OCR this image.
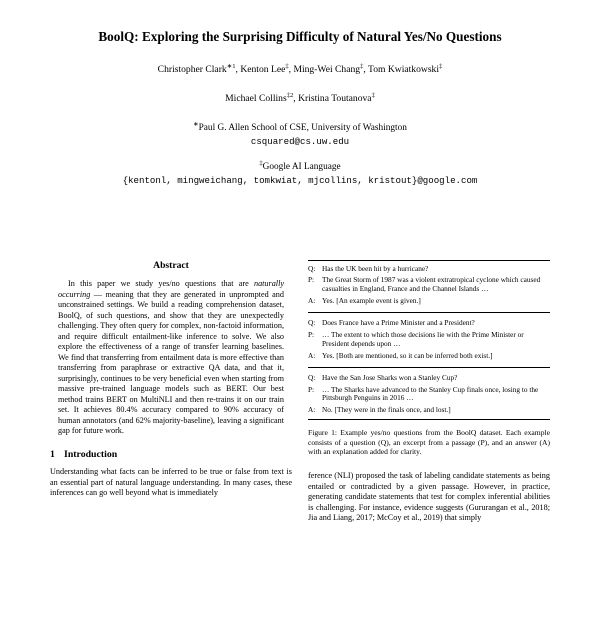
BoolQ: Exploring the Surprising Difficulty of Natural Yes/No Questions
Christopher Clark$^{∗1}$, Kenton Lee‡, Ming-Wei Chang‡, Tom Kwiatkowski‡
Michael Collins$^{\ddagger 2}$, Kristina Toutanova‡
∗Paul G. Allen School of CSE, University of Washington
csquared@cs.uw.edu
‡Google AI Language
{kentonl, mingweichang, tomkwiat, mjcollins, kristout}@google.com
Abstract

In this paper we study yes/no questions that are naturally occurring — meaning that they are generated in unprompted and unconstrained settings. We build a reading comprehension dataset, BoolQ, of such questions, and show that they are unexpectedly challenging. They often query for complex, non-factoid information, and require difficult entailment-like inference to solve. We also explore the effectiveness of a range of transfer learning baselines. We find that transferring from entailment data is more effective than transferring from paraphrase or extractive QA data, and that it, surprisingly, continues to be very beneficial even when starting from massive pre-trained language models such as BERT. Our best method trains BERT on MultiNLI and then re-trains it on our train set. It achieves 80.4% accuracy compared to 90% accuracy of human annotators (and 62% majority-baseline), leaving a significant gap for future work.

1 Introduction

Understanding what facts can be inferred to be true or false from text is an essential part of natural language understanding. In many cases, these inferences can go well beyond what is immediately

Q: Has the UK been hit by a hurricane?
P:	The Great Storm of 1987 was a violent extratropical cyclone which caused casualties in England, France and the Channel Islands …
A: Yes. [An example event is given.]
Q: Does France have a Prime Minister and a President?
P:	… The extent to which those decisions lie with the Prime Minister or President depends upon …
A: Yes. [Both are mentioned, so it can be inferred both exist.]
Q: Have the San Jose Sharks won a Stanley Cup?
P:	… The Sharks have advanced to the Stanley Cup finals once, losing to the Pittsburgh Penguins in 2016 …
A: No. [They were in the finals once, and lost.]
Figure 1: Example yes/no questions from the BoolQ dataset. Each example consists of a question (Q), an excerpt from a passage (P), and an answer (A) with an explanation added for clarity.
ference (NLI) proposed the task of labeling candidate statements as being entailed or contradicted by a given passage. However, in practice, generating candidate statements that test for complex inferential abilities is challenging. For instance, evidence suggests (Gururangan et al., 2018; Jia and Liang, 2017; McCoy et al., 2019) that simply
